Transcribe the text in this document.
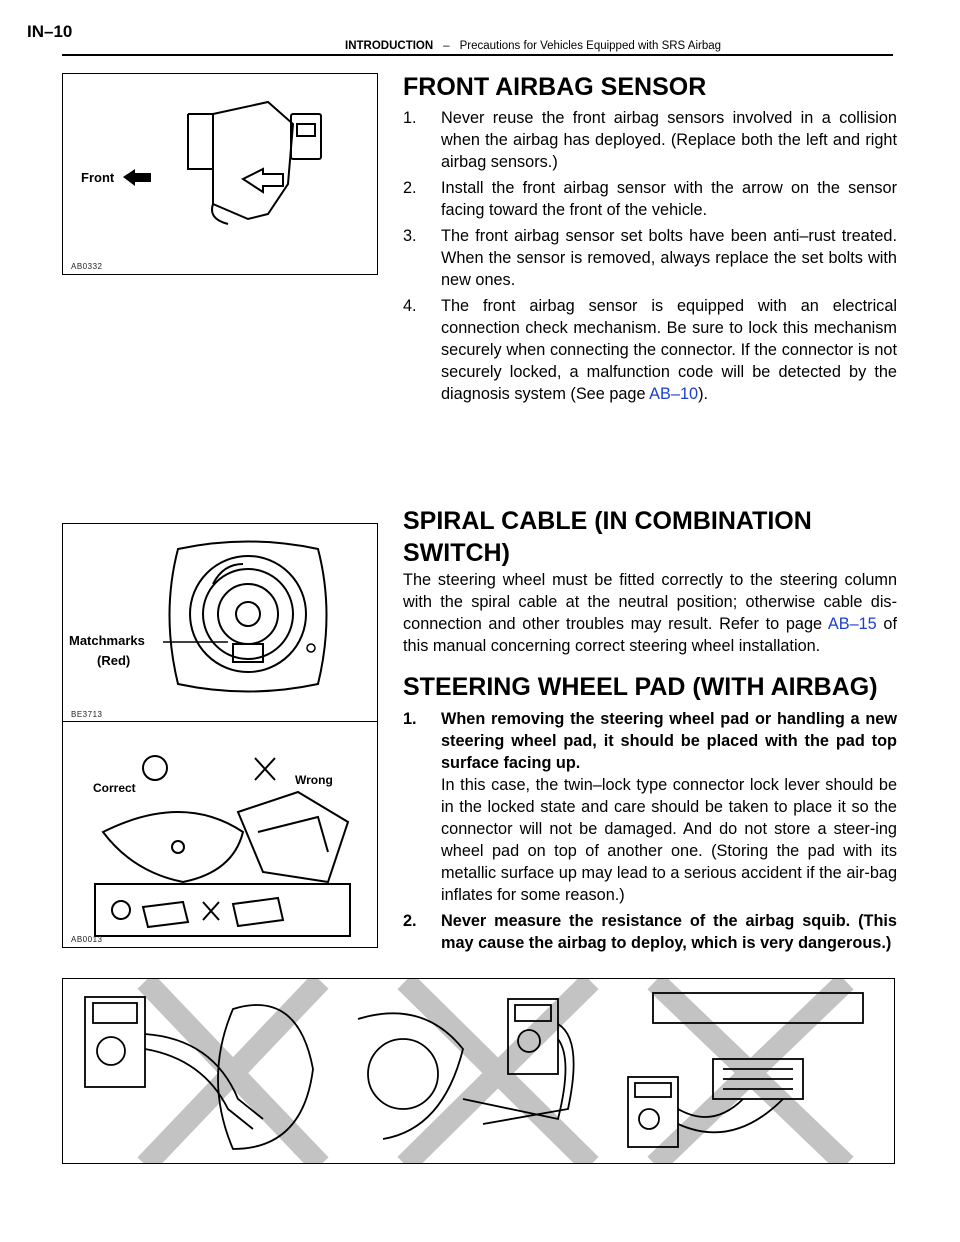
IN–10
INTRODUCTION – Precautions for Vehicles Equipped with SRS Airbag
Front
AB0332
FRONT AIRBAG SENSOR
1. Never reuse the front airbag sensors involved in a collision when the airbag has deployed. (Replace both the left and right airbag sensors.)
2. Install the front airbag sensor with the arrow on the sensor facing toward the front of the vehicle.
3. The front airbag sensor set bolts have been anti–rust treated. When the sensor is removed, always replace the set bolts with new ones.
4. The front airbag sensor is equipped with an electrical connection check mechanism. Be sure to lock this mechanism securely when connecting the connector. If the connector is not securely locked, a malfunction code will be detected by the diagnosis system (See page AB–10).
Matchmarks
(Red)
BE3713
SPIRAL CABLE (IN COMBINATION
SWITCH)

The steering wheel must be fitted correctly to the steering column with the spiral cable at the neutral position; otherwise cable dis-connection and other troubles may result. Refer to page AB–15 of this manual concerning correct steering wheel installation.

STEERING WHEEL PAD (WITH AIRBAG)
Correct
Wrong
AB0013
1. When removing the steering wheel pad or handling a new steering wheel pad, it should be placed with the pad top surface facing up.
In this case, the twin–lock type connector lock lever should be in the locked state and care should be taken to place it so the connector will not be damaged. And do not store a steer-ing wheel pad on top of another one. (Storing the pad with its metallic surface up may lead to a serious accident if the air-bag inflates for some reason.)
2. Never measure the resistance of the airbag squib. (This may cause the airbag to deploy, which is very dangerous.)
